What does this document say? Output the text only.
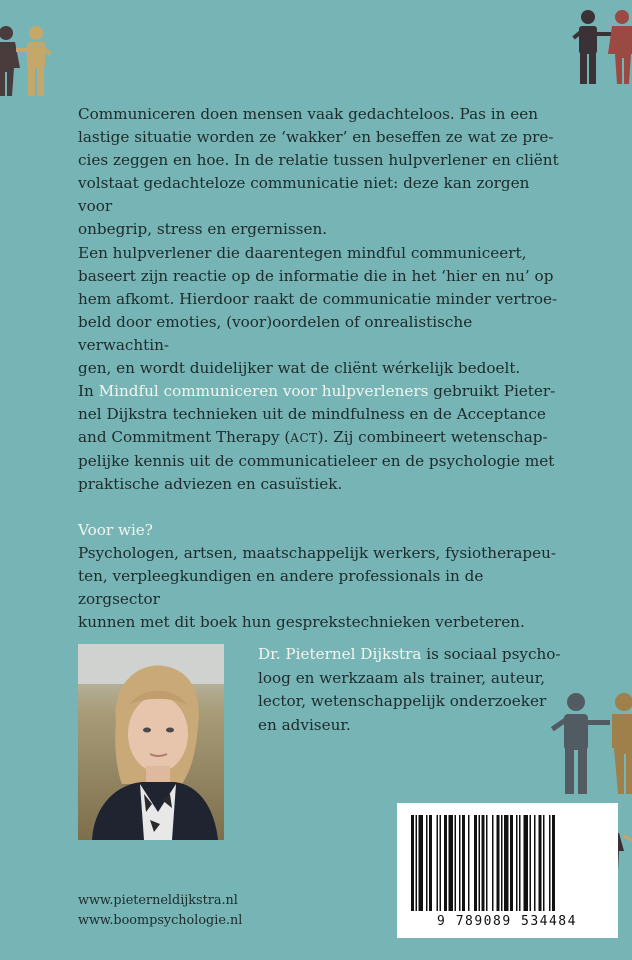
Communiceren doen mensen vaak gedachteloos. Pas in een
lastige situatie worden ze ‘wakker’ en beseffen ze wat ze pre-
cies zeggen en hoe. In de relatie tussen hulpverlener en cliënt
volstaat gedachteloze communicatie niet: deze kan zorgen voor
onbegrip, stress en ergernissen.

Een hulpverlener die daarentegen mindful communiceert,
baseert zijn reactie op de informatie die in het ‘hier en nu’ op
hem afkomt. Hierdoor raakt de communicatie minder vertroe-
beld door emoties, (voor)oordelen of onrealistische verwachtin-
gen, en wordt duidelijker wat de cliënt wérkelijk bedoelt.

In Mindful communiceren voor hulpverleners gebruikt Pieter-
nel Dijkstra technieken uit de mindfulness en de Acceptance
and Commitment Therapy (ACT). Zij combineert wetenschap-
pelijke kennis uit de communicatieleer en de psychologie met
praktische adviezen en casuïstiek.

Voor wie?
Psychologen, artsen, maatschappelijk werkers, fysiotherapeu-
ten, verpleegkundigen en andere professionals in de zorgsector
kunnen met dit boek hun gesprekstechnieken verbeteren.

Dr. Pieternel Dijkstra is sociaal psycho-
loog en werkzaam als trainer, auteur,
lector, wetenschappelijk onderzoeker
en adviseur.

www.pieterneldijkstra.nl
www.boompsychologie.nl	9 789089 534484
